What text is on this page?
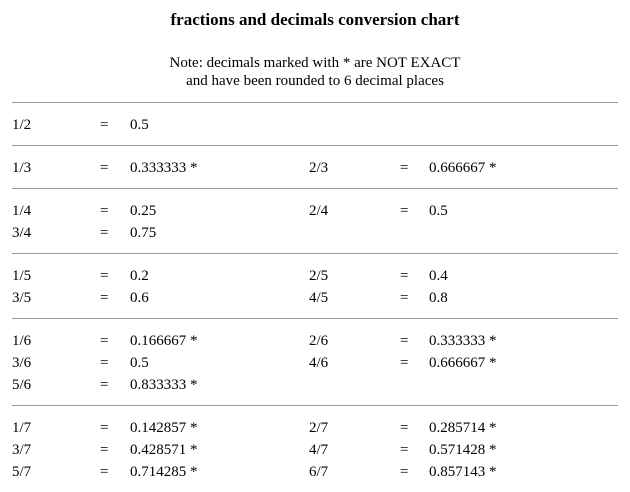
fractions and decimals conversion chart
Note: decimals marked with * are NOT EXACT
and have been rounded to 6 decimal places
1/2	= 0.5
1/3	= 0.333333 *	2/3	= 0.666667 *
1/4	= 0.25	2/4	= 0.5
3/4	= 0.75
1/5	= 0.2	2/5	= 0.4
3/5	= 0.6	4/5	= 0.8
1/6	= 0.166667 *	2/6	= 0.333333 *
3/6	= 0.5	4/6	= 0.666667 *
5/6	= 0.833333 *
1/7	= 0.142857 *	2/7	= 0.285714 *
3/7	= 0.428571 *	4/7	= 0.571428 *
5/7	= 0.714285 *	6/7	= 0.857143 *
